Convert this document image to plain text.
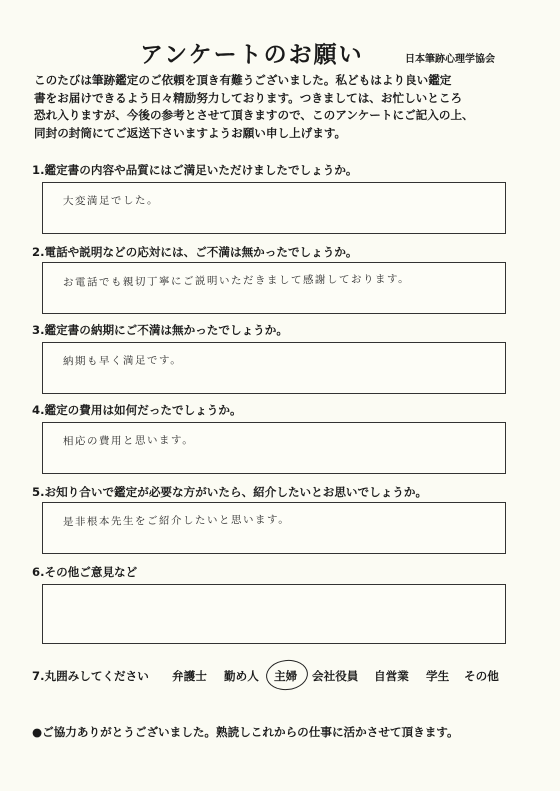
アンケートのお願い	日本筆跡心理学協会
このたびは筆跡鑑定のご依頼を頂き有難うございました。私どもはより良い鑑定
書をお届けできるよう日々精励努力しております。つきましては、お忙しいところ
恐れ入りますが、今後の参考とさせて頂きますので、このアンケートにご記入の上、
同封の封筒にてご返送下さいますようお願い申し上げます。
1.鑑定書の内容や品質にはご満足いただけましたでしょうか。
大変満足でした。
2.電話や説明などの応対には、ご不満は無かったでしょうか。
お電話でも親切丁寧にご説明いただきまして感謝しております。
3.鑑定書の納期にご不満は無かったでしょうか。
納期も早く満足です。
4.鑑定の費用は如何だったでしょうか。
相応の費用と思います。
5.お知り合いで鑑定が必要な方がいたら、紹介したいとお思いでしょうか。
是非根本先生をご紹介したいと思います。
6.その他ご意見など
7.丸囲みしてください 弁護士 勤め人 主婦 会社役員 自営業 学生 その他
●ご協力ありがとうございました。熟読しこれからの仕事に活かさせて頂きます。
